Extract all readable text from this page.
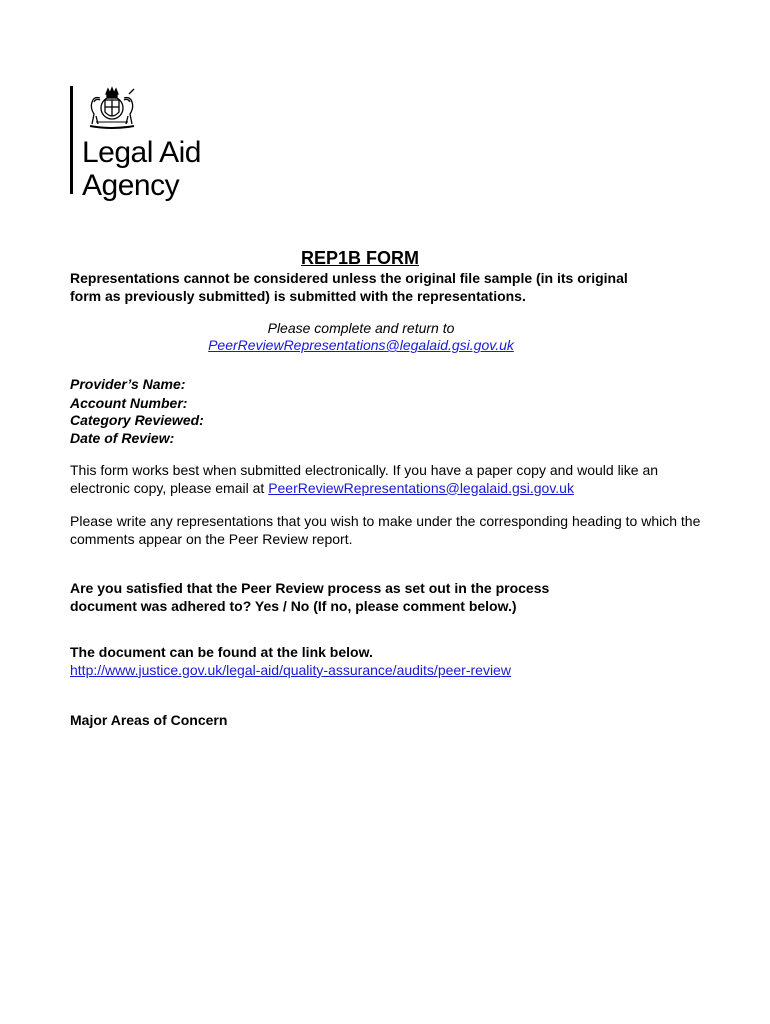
Legal Aid
Agency
REP1B FORM
Representations cannot be considered unless the original file sample (in its original form as previously submitted) is submitted with the representations.
Please complete and return to
PeerReviewRepresentations@legalaid.gsi.gov.uk
Provider’s Name:
Account Number:
Category Reviewed:
Date of Review:
This form works best when submitted electronically. If you have a paper copy and would like an electronic copy, please email at PeerReviewRepresentations@legalaid.gsi.gov.uk
Please write any representations that you wish to make under the corresponding heading to which the comments appear on the Peer Review report.
Are you satisfied that the Peer Review process as set out in the process document was adhered to? Yes / No (If no, please comment below.)
The document can be found at the link below.
http://www.justice.gov.uk/legal-aid/quality-assurance/audits/peer-review
Major Areas of Concern
